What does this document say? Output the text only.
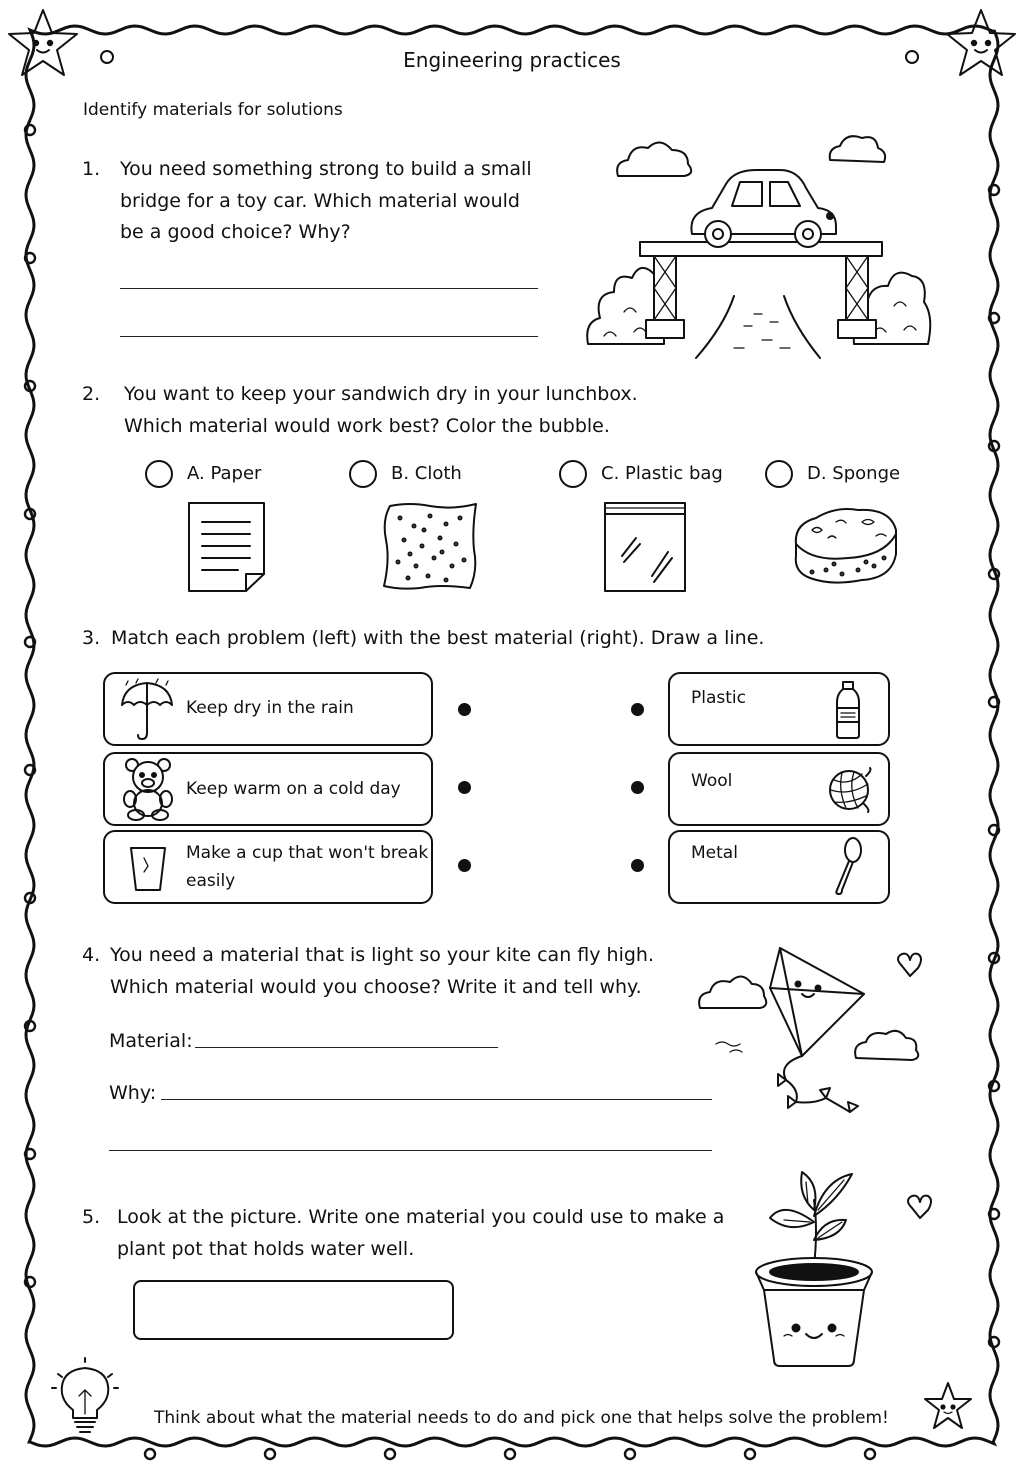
Engineering practices
Identify materials for solutions
1. You need something strong to build a small
bridge for a toy car. Which material would
be a good choice? Why?
2. You want to keep your sandwich dry in your lunchbox.
Which material would work best? Color the bubble.
A. Paper	B. Cloth	C. Plastic bag	D. Sponge
3. Match each problem (left) with the best material (right). Draw a line.
Keep dry in the rain
Keep warm on a cold day
Make a cup that won't break
easily
Plastic
Wool
Metal
4. You need a material that is light so your kite can fly high.
Which material would you choose? Write it and tell why.
Material:
Why:
5. Look at the picture. Write one material you could use to make a
plant pot that holds water well.
Think about what the material needs to do and pick one that helps solve the problem!
